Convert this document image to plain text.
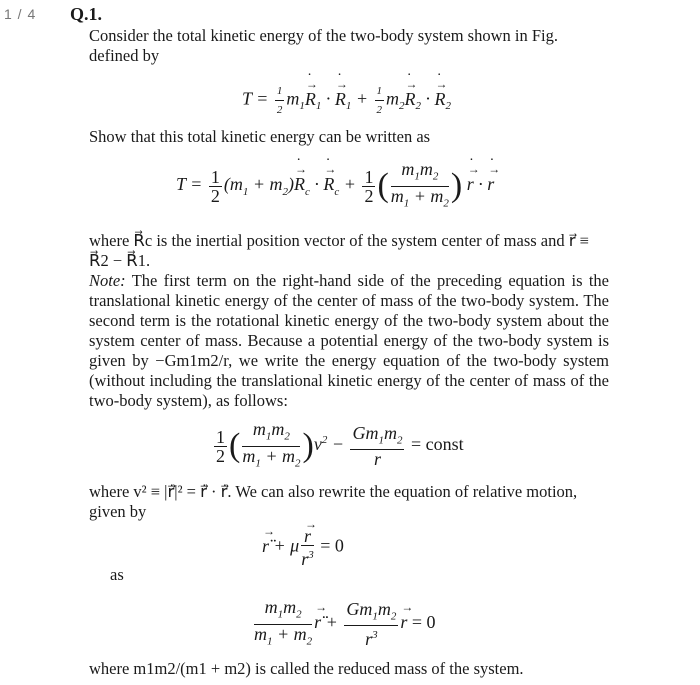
1 / 4 Q.1.
Consider the total kinetic energy of the two-body system shown in Fig. defined by
$T = \frac{1}{2} m_1\to R$ $˙_1$ · → R $˙_1 + \frac{1}{2} m_2\to R$ $˙_2$ · → R $˙_2$
Show that this total kinetic energy can be written as
$T = \frac{1}{2} (m_1 + m_2)\to R$ $˙_c$ · → R $˙_c + \frac{1}{2}$ ( $\frac{m_1m_2}{m_1 + m_2}$ ) → r ˙ · → r ˙
where R⃗c is the inertial position vector of the system center of mass and r⃗ ≡ R⃗2 − R⃗1.
Note: The first term on the right-hand side of the preceding equation is the translational kinetic energy of the center of mass of the two-body system. The second term is the rotational kinetic energy of the two-body system about the system center of mass. Because a potential energy of the two-body system is given by −Gm1m2/r, we write the energy equation of the two-body system (without including the translational kinetic energy of the center of mass of the two-body system), as follows:
$\frac{1}{2}$ ( $\frac{m_1m_2}{m_1 + m_2} )v^2 - \frac{Gm_1m_2}{r}$ = const
where v² ≡ |r⃗̇|² = r⃗̇ · r⃗̇. We can also rewrite the equation of relative motion, given by
→ r̈̈ + μ
→ $\frac{r}{r^3} = 0$
as
$\frac{m_1m_2}{m_1 + m_2}$
→ r̈̈ + $\frac{Gm_1m_2}{r^3}$
→ r = 0
where m1m2/(m1 + m2) is called the reduced mass of the system.
